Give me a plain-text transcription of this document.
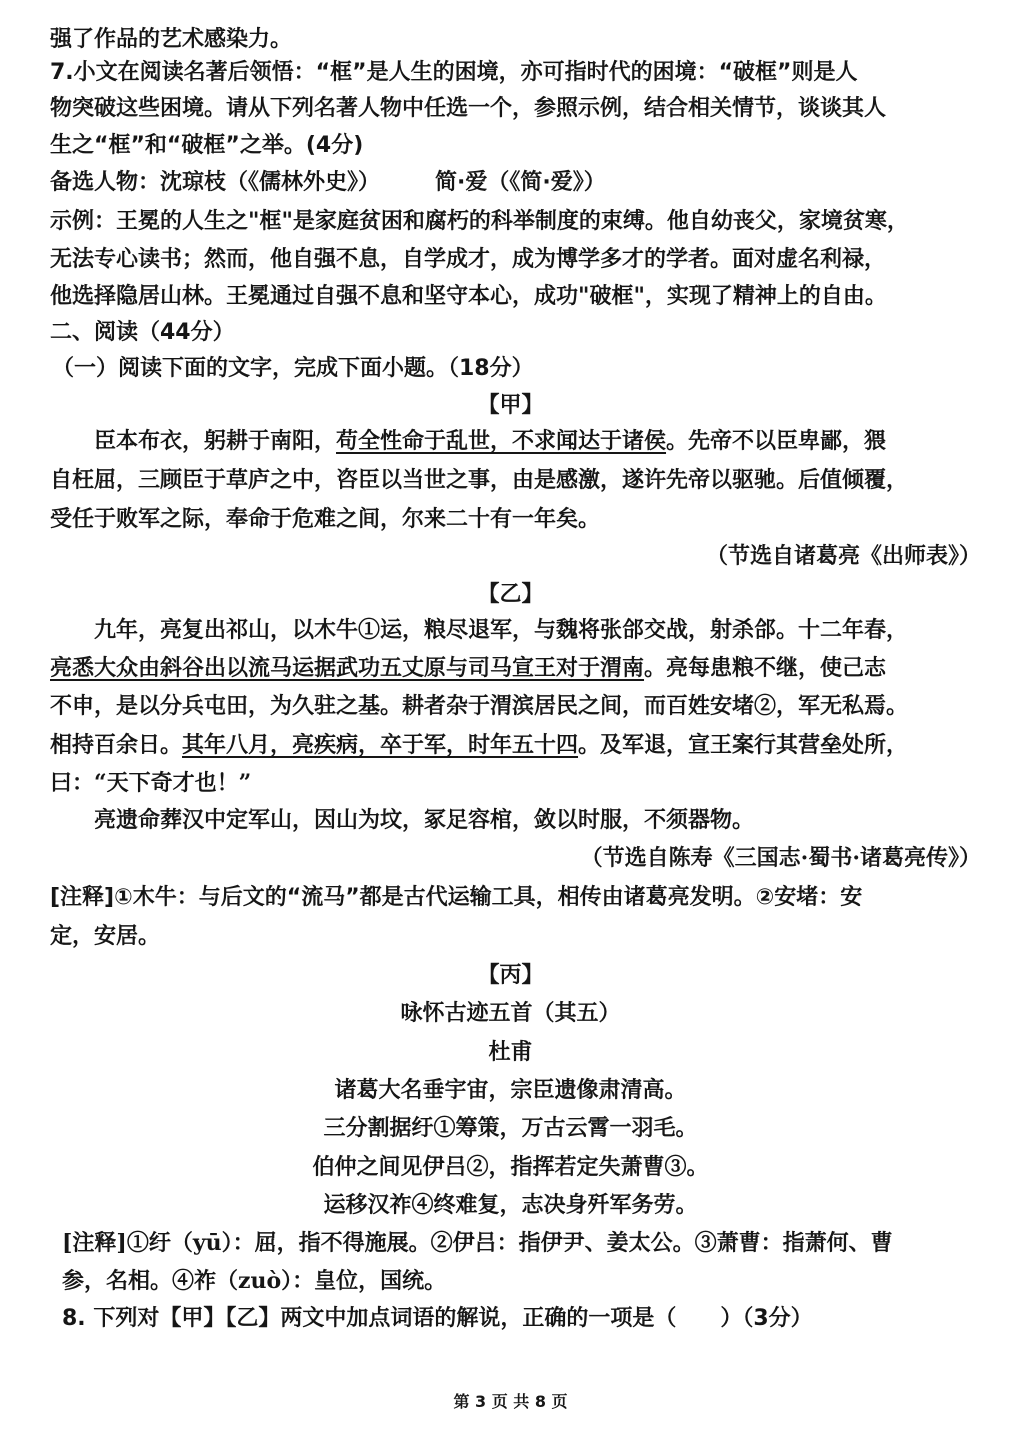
强了作品的艺术感染力。
7.小文在阅读名著后领悟：“框”是人生的困境，亦可指时代的困境：“破框”则是人
物突破这些困境。请从下列名著人物中任选一个，参照示例，结合相关情节，谈谈其人
生之“框”和“破框”之举。(4分)
备选人物：沈琼枝（《儒林外史》）　　　简·爱（《简·爱》）
示例：王冕的人生之"框"是家庭贫困和腐朽的科举制度的束缚。他自幼丧父，家境贫寒，
无法专心读书；然而，他自强不息，自学成才，成为博学多才的学者。面对虚名利禄，
他选择隐居山林。王冕通过自强不息和坚守本心，成功"破框"，实现了精神上的自由。
二、阅读（44分）
（一）阅读下面的文字，完成下面小题。（18分）
【甲】
　　臣本布衣，躬耕于南阳，苟全性命于乱世，不求闻达于诸侯。先帝不以臣卑鄙，猥
自枉屈，三顾臣于草庐之中，咨臣以当世之事，由是感激，遂许先帝以驱驰。后值倾覆，
受任于败军之际，奉命于危难之间，尔来二十有一年矣。
（节选自诸葛亮《出师表》）
【乙】
　　九年，亮复出祁山，以木牛①运，粮尽退军，与魏将张郃交战，射杀郃。十二年春，
亮悉大众由斜谷出以流马运据武功五丈原与司马宣王对于渭南。亮每患粮不继，使己志
不申，是以分兵屯田，为久驻之基。耕者杂于渭滨居民之间，而百姓安堵②，军无私焉。
相持百余日。其年八月，亮疾病，卒于军，时年五十四。及军退，宣王案行其营垒处所，
曰：“天下奇才也！”
　　亮遗命葬汉中定军山，因山为坟，冢足容棺，敛以时服，不须器物。
（节选自陈寿《三国志·蜀书·诸葛亮传》）
[注释]①木牛：与后文的“流马”都是古代运输工具，相传由诸葛亮发明。②安堵：安
定，安居。
【丙】
咏怀古迹五首（其五）
杜甫
诸葛大名垂宇宙，宗臣遗像肃清高。
三分割据纡①筹策，万古云霄一羽毛。
伯仲之间见伊吕②，指挥若定失萧曹③。
运移汉祚④终难复，志决身歼军务劳。
[注释]①纡（yū）：屈，指不得施展。②伊吕：指伊尹、姜太公。③萧曹：指萧何、曹
参，名相。④祚（zuò）：皇位，国统。
8. 下列对【甲】【乙】两文中加点词语的解说，正确的一项是（　　）（3分）
第 3 页 共 8 页
